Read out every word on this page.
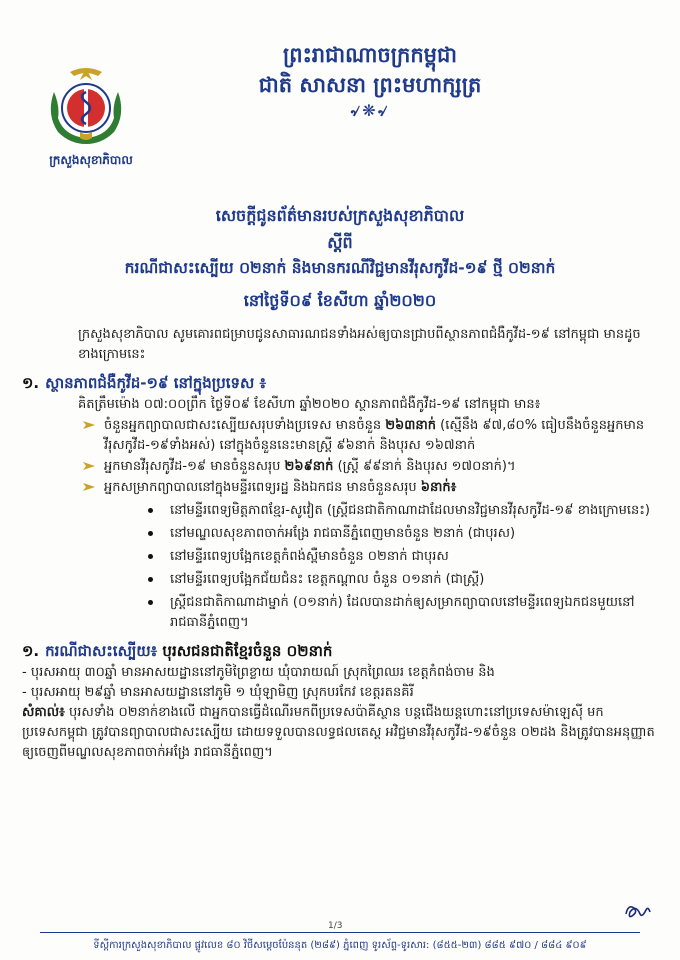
ក្រសួងសុខាភិបាល
ព្រះរាជាណាចក្រកម្ពុជា
ជាតិ សាសនា ព្រះមហាក្សត្រ
৵❋৵
សេចក្តីជូនព័ត៌មានរបស់ក្រសួងសុខាភិបាល
ស្តីពី
ករណីជាសះស្បើយ ០២នាក់ និងមានករណីវិជ្ជមានវីរុសកូវីដ-១៩ ថ្មី ០២នាក់
នៅថ្ងៃទី០៩ ខែសីហា ឆ្នាំ២០២០

ក្រសួងសុខាភិបាល សូមគោរពជម្រាបជូនសាធារណជនទាំងអស់ឲ្យបានជ្រាបពីស្ថានភាពជំងឺកូវីដ-១៩ នៅកម្ពុជា មានដូចខាងក្រោមនេះ

១. ស្ថានភាពជំងឺកូវីដ-១៩ នៅក្នុងប្រទេស ៖

គិតត្រឹមម៉ោង ០៧:០០ព្រឹក ថ្ងៃទី០៩ ខែសីហា ឆ្នាំ២០២០ ស្ថានភាពជំងឺកូវីដ-១៩ នៅកម្ពុជា មាន៖

ចំនួនអ្នកព្យាបាលជាសះស្បើយសរុបទាំងប្រទេស មានចំនួន ២៦៣នាក់ (ស្មើនឹង ៩៧,៨០% ធៀបនឹងចំនួនអ្នកមានវីរុសកូវីដ-១៩ទាំងអស់) នៅក្នុងចំនួននេះមានស្រ្តី ៩៦នាក់ និងបុរស ១៦៧នាក់
អ្នកមានវីរុសកូវីដ-១៩ មានចំនួនសរុប ២៦៩នាក់ (ស្ត្រី ៩៩នាក់ និងបុរស ១៧០នាក់)។
អ្នកសម្រាកព្យាបាលនៅក្នុងមន្ទីរពេទ្យរដ្ឋ និងឯកជន មានចំនួនសរុប ៦នាក់៖
នៅមន្ទីរពេទ្យមិត្តភាពខ្មែរ-សូវៀត (ស្ត្រីជនជាតិកាណាដាដែលមានវិជ្ជមានវីរុសកូវីដ-១៩ ខាងក្រោមនេះ)
នៅមណ្ឌលសុខភាពចាក់អង្រែ រាជធានីភ្នំពេញមានចំនួន ២នាក់ (ជាបុរស)
នៅមន្ទីរពេទ្យបង្អែកខេត្តកំពង់ស្ពឺមានចំនួន ០២នាក់ ជាបុរស
នៅមន្ទីរពេទ្យបង្អែកជ័យជំនះ ខេត្តកណ្តាល ចំនួន ០១នាក់ (ជាស្ត្រី)
ស្ត្រីជនជាតិកាណាដាម្នាក់ (០១នាក់) ដែលបានដាក់ឲ្យសម្រាកព្យាបាលនៅមន្ទីរពេទ្យឯកជនមួយនៅរាជធានីភ្នំពេញ។
១. ករណីជាសះស្បើយ៖ បុរសជនជាតិខ្មែរចំនួន ០២នាក់

- បុរសអាយុ ៣០ឆ្នាំ មានអាសយដ្ឋាននៅភូមិព្រៃខ្លាយ ឃុំបារាយណ៍ ស្រុកព្រៃឈរ ខេត្តកំពង់ចាម និង

- បុរសអាយុ ២៩ឆ្នាំ មានអាសយដ្ឋាននៅភូមិ ១ ឃុំឡាមិញ ស្រុកបរកែវ ខេត្តរតនគិរី

សំគាល់៖ បុរសទាំង ០២នាក់ខាងលើ ជាអ្នកបានធ្វើដំណើរមកពីប្រទេសប៉ាគីស្ថាន បន្តជើងយន្តហោះនៅប្រទេសម៉ាឡេស៊ី មកប្រទេសកម្ពុជា ត្រូវបានព្យាបាលជាសះស្បើយ ដោយទទួលបានលទ្ធផលតេស្ត អវិជ្ជមានវីរុសកូវីដ-១៩ចំនួន ០២ដង និងត្រូវបានអនុញ្ញាតឲ្យចេញពីមណ្ឌលសុខភាពចាក់អង្រែ រាជធានីភ្នំពេញ។

1/3
ទីស្តីការក្រសួងសុខាភិបាល ផ្លូវលេខ ៨០ វិថីសម្តេចប៉ែននុត (២៨៩) ភ្នំពេញ ទូរស័ព្ទ-ទូរសារ: (៨៥៥-២៣) ៨៨៥ ៩៧០ / ៨៨៤ ៩០៩
